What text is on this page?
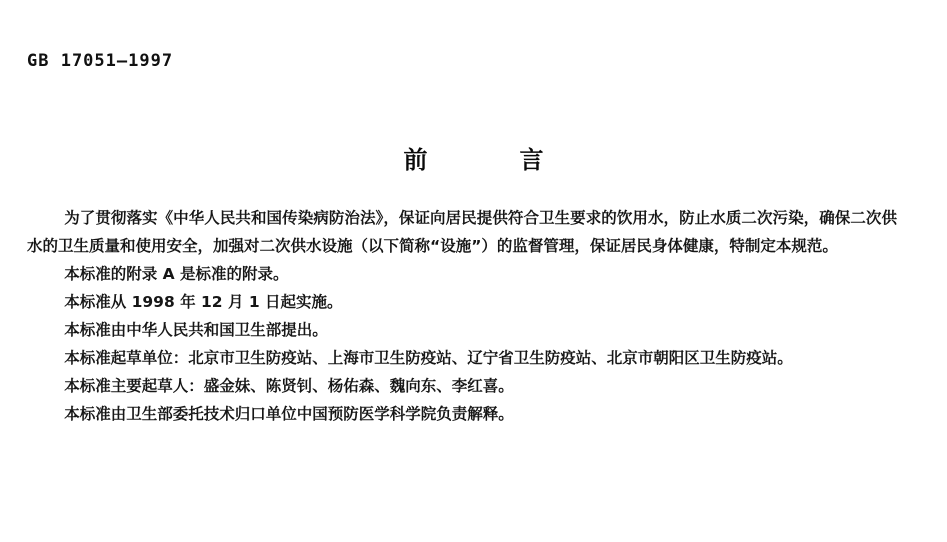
GB 17051—1997
前	言

为了贯彻落实《中华人民共和国传染病防治法》，保证向居民提供符合卫生要求的饮用水，防止水质二次污染，确保二次供水的卫生质量和使用安全，加强对二次供水设施（以下简称“设施”）的监督管理，保证居民身体健康，特制定本规范。

本标准的附录 A 是标准的附录。

本标准从 1998 年 12 月 1 日起实施。

本标准由中华人民共和国卫生部提出。

本标准起草单位：北京市卫生防疫站、上海市卫生防疫站、辽宁省卫生防疫站、北京市朝阳区卫生防疫站。

本标准主要起草人：盛金妹、陈贤钊、杨佑森、魏向东、李红喜。

本标准由卫生部委托技术归口单位中国预防医学科学院负责解释。
